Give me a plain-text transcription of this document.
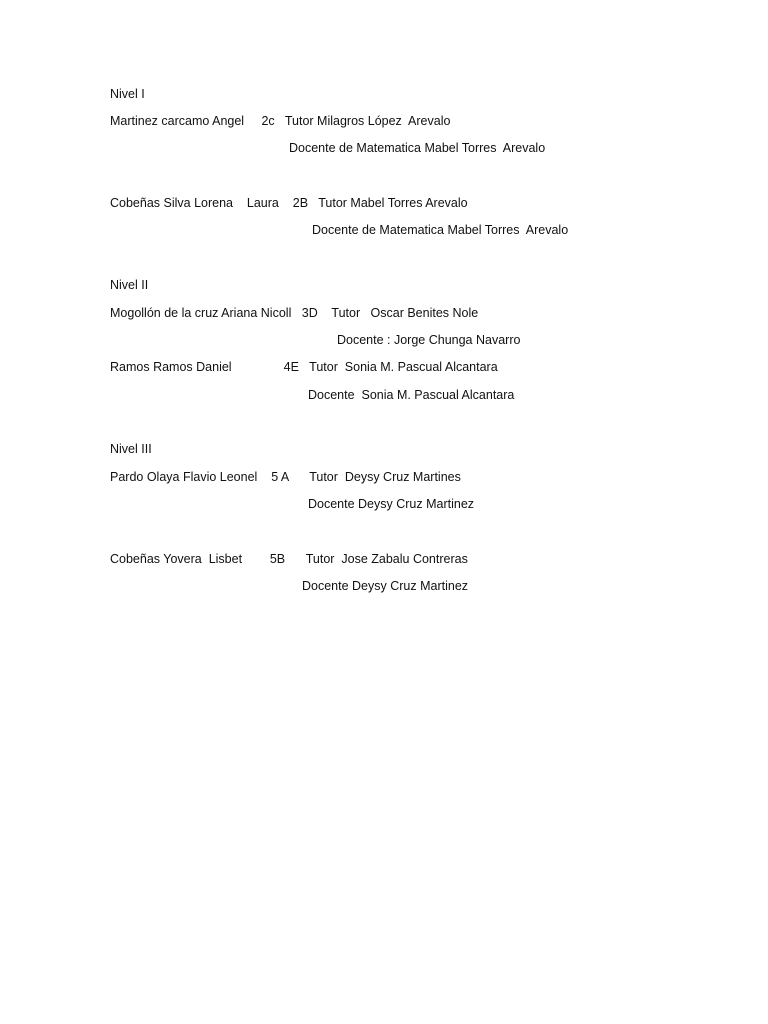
Nivel I
Martinez carcamo Angel     2c   Tutor Milagros López  Arevalo
Docente de Matematica Mabel Torres  Arevalo
Cobeñas Silva Lorena    Laura    2B   Tutor Mabel Torres Arevalo
Docente de Matematica Mabel Torres  Arevalo
Nivel II
Mogollón de la cruz Ariana Nicoll   3D    Tutor   Oscar Benites Nole
Docente : Jorge Chunga Navarro
Ramos Ramos Daniel               4E   Tutor  Sonia M. Pascual Alcantara
Docente  Sonia M. Pascual Alcantara
Nivel III
Pardo Olaya Flavio Leonel    5 A      Tutor  Deysy Cruz Martines
Docente Deysy Cruz Martinez
Cobeñas Yovera  Lisbet        5B      Tutor  Jose Zabalu Contreras
Docente Deysy Cruz Martinez
